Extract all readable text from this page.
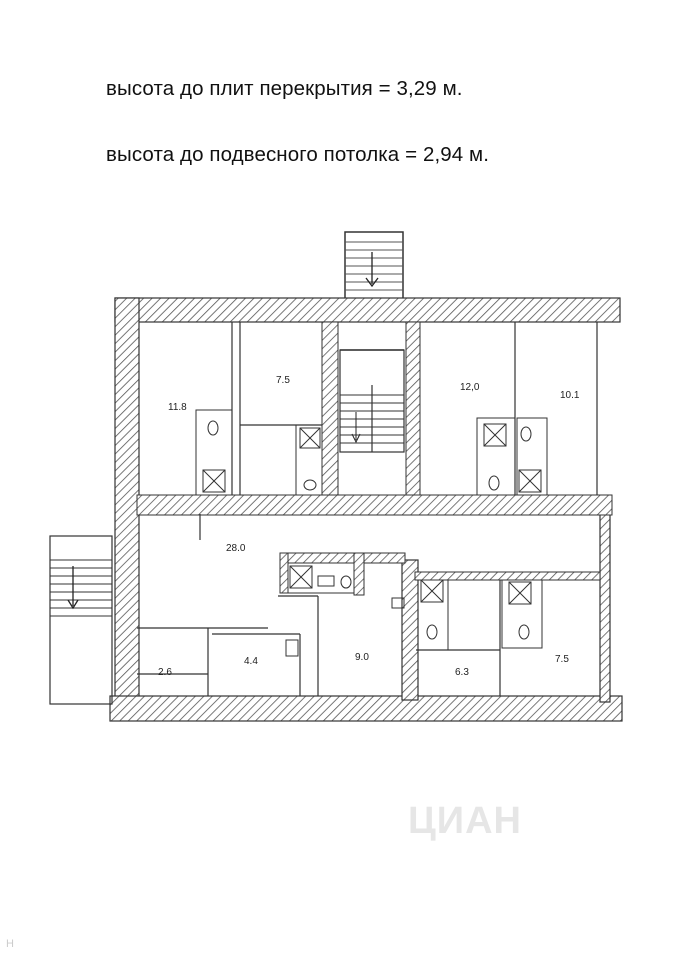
высота до плит перекрытия = 3,29 м.
высота до подвесного потолка = 2,94 м.
11.8
7.5
12,0
10.1
28.0
2.6
4.4	9.0
6.3
7.5
ЦИАН
H
